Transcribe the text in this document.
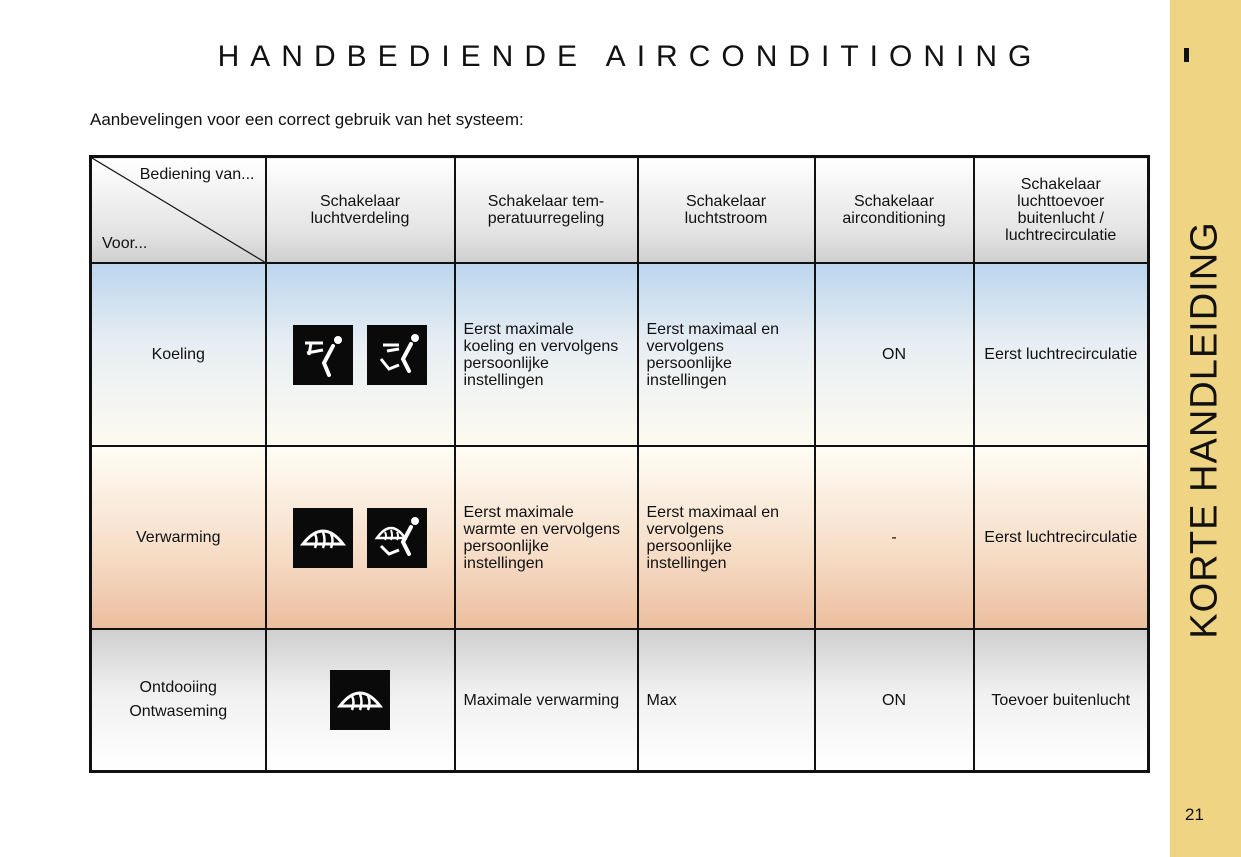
HANDBEDIENDE AIRCONDITIONING
Aanbevelingen voor een correct gebruik van het systeem:
KORTE HANDLEIDING
21
Bediening van...
Voor...	Schakelaar luchtverdeling	Schakelaar tem-peratuurregeling	Schakelaar luchtstroom	Schakelaar airconditioning	Schakelaar luchttoevoer buitenlucht / luchtrecirculatie
Koeling		Eerst maximale koeling en vervolgens persoonlijke instellingen	Eerst maximaal en vervolgens persoonlijke instellingen	ON	Eerst luchtrecirculatie
Verwarming		Eerst maximale warmte en vervolgens persoonlijke instellingen	Eerst maximaal en vervolgens persoonlijke instellingen	-	Eerst luchtrecirculatie
Ontdooiing Ontwaseming		Maximale verwarming	Max	ON	Toevoer buitenlucht
